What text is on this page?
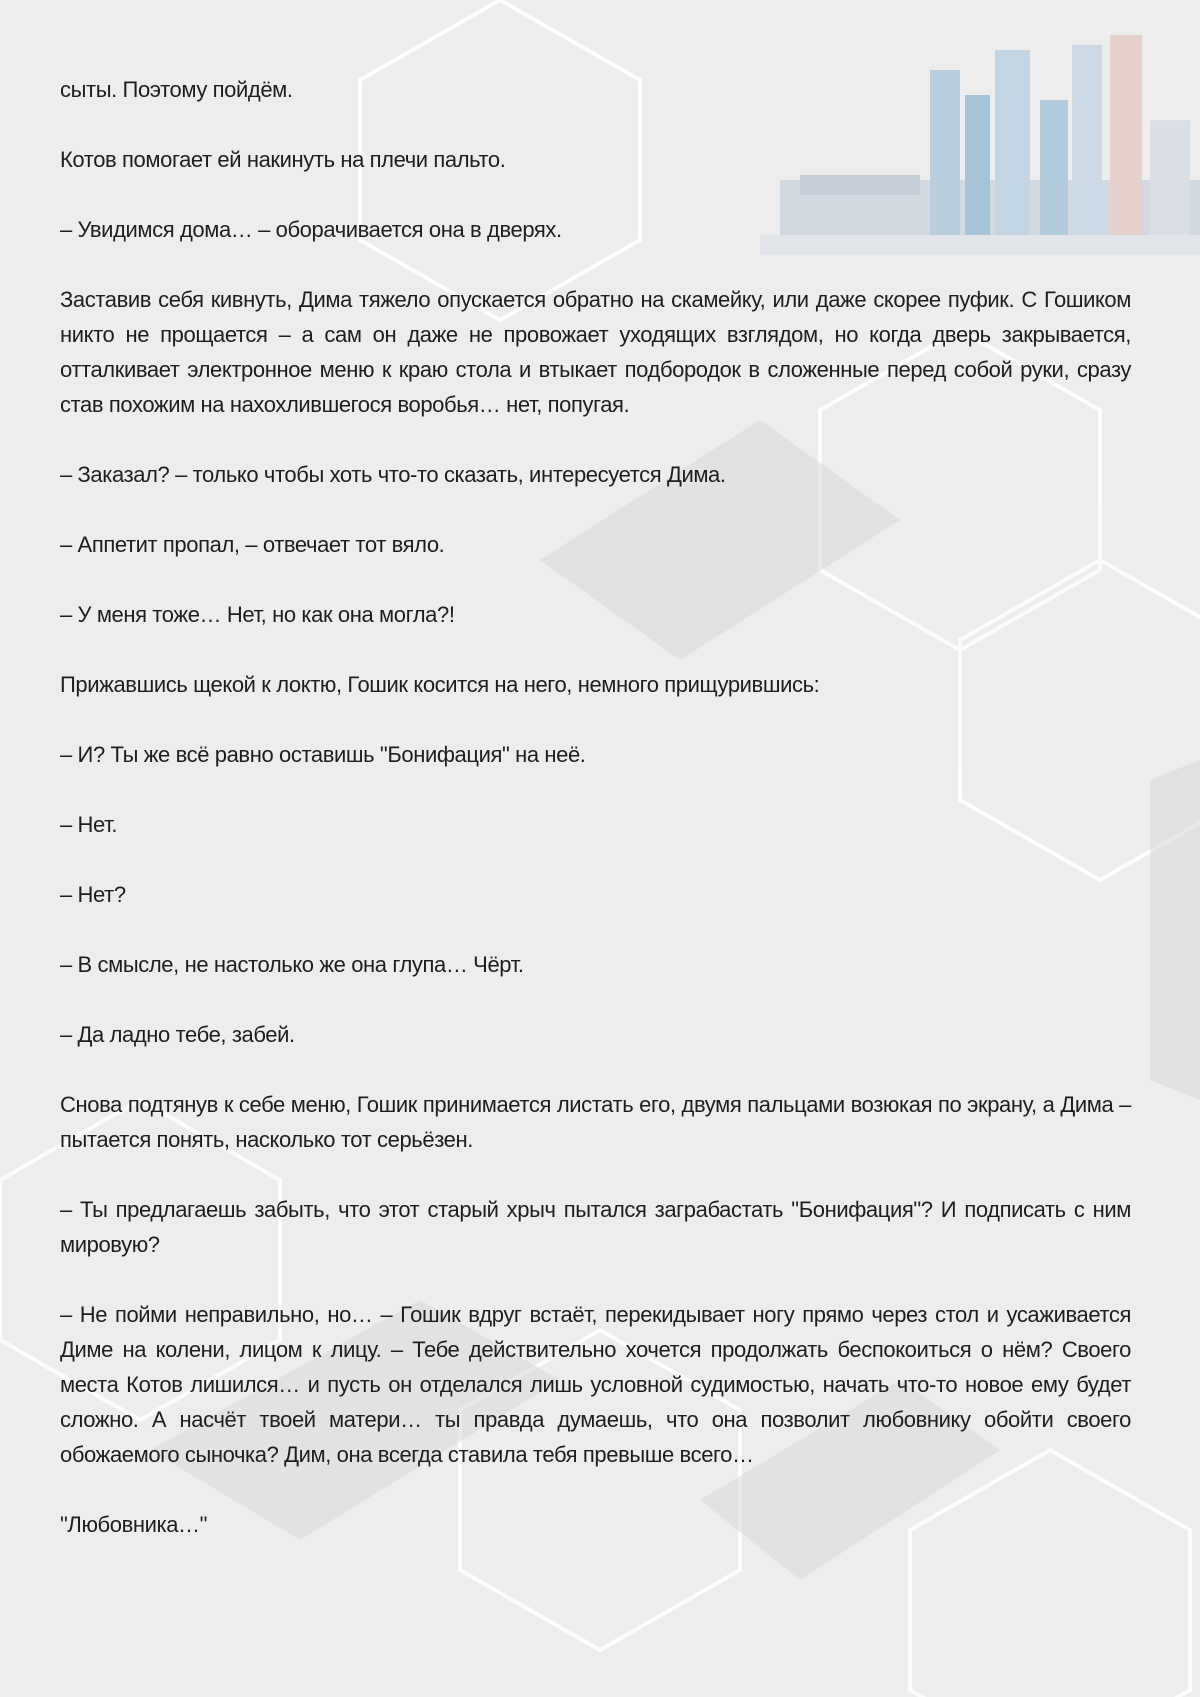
сыты. Поэтому пойдём.

Котов помогает ей накинуть на плечи пальто.

– Увидимся дома… – оборачивается она в дверях.

Заставив себя кивнуть, Дима тяжело опускается обратно на скамейку, или даже скорее пуфик. С Гошиком никто не прощается – а сам он даже не провожает уходящих взглядом, но когда дверь закрывается, отталкивает электронное меню к краю стола и втыкает подбородок в сложенные перед собой руки, сразу став похожим на нахохлившегося воробья… нет, попугая.

– Заказал? – только чтобы хоть что-то сказать, интересуется Дима.

– Аппетит пропал, – отвечает тот вяло.

– У меня тоже… Нет, но как она могла?!

Прижавшись щекой к локтю, Гошик косится на него, немного прищурившись:

– И? Ты же всё равно оставишь "Бонифация" на неё.

– Нет.

– Нет?

– В смысле, не настолько же она глупа… Чёрт.

– Да ладно тебе, забей.

Снова подтянув к себе меню, Гошик принимается листать его, двумя пальцами возюкая по экрану, а Дима – пытается понять, насколько тот серьёзен.

– Ты предлагаешь забыть, что этот старый хрыч пытался заграбастать "Бонифация"? И подписать с ним мировую?

– Не пойми неправильно, но… – Гошик вдруг встаёт, перекидывает ногу прямо через стол и усаживается Диме на колени, лицом к лицу. – Тебе действительно хочется продолжать беспокоиться о нём? Своего места Котов лишился… и пусть он отделался лишь условной судимостью, начать что-то новое ему будет сложно. А насчёт твоей матери… ты правда думаешь, что она позволит любовнику обойти своего обожаемого сыночка? Дим, она всегда ставила тебя превыше всего…

"Любовника…"
